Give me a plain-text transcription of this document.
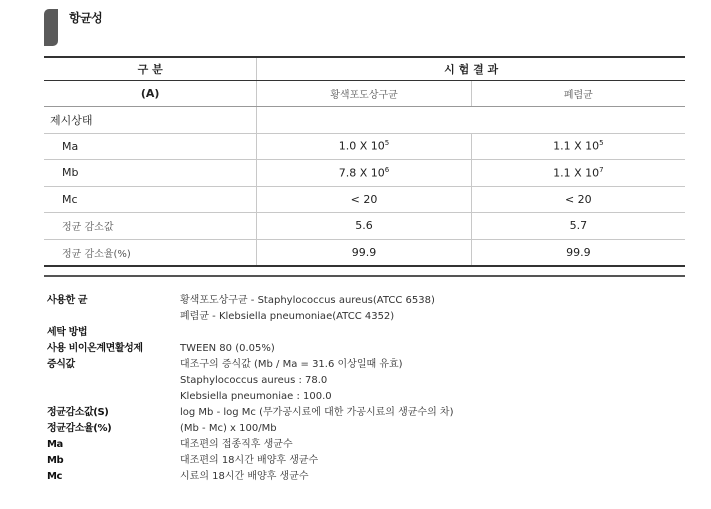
항균성
구 분	시 험 결 과	
(A)	황색포도상구균	폐렴균
제시상태		
Ma	1.0 X $10^5$	1.1 X $10^5$
Mb	7.8 X $10^6$	1.1 X $10^7$
Mc	< 20	< 20
정균 감소값	5.6	5.7
정균 감소율(%)	99.9	99.9
사용한 균	황색포도상구균 - Staphylococcus aureus(ATCC 6538)
폐렴균 - Klebsiella pneumoniae(ATCC 4352)
세탁 방법
사용 비이온계면활성제	TWEEN 80 (0.05%)
증식값	대조구의 증식값 (Mb / Ma = 31.6 이상일때 유효)
Staphylococcus aureus : 78.0
Klebsiella pneumoniae : 100.0
정균감소값(S)	log Mb - log Mc (무가공시료에 대한 가공시료의 생균수의 차)
정균감소율(%)	(Mb - Mc) x 100/Mb
Ma	대조편의 접종직후 생균수
Mb	대조편의 18시간 배양후 생균수
Mc	시료의 18시간 배양후 생균수
